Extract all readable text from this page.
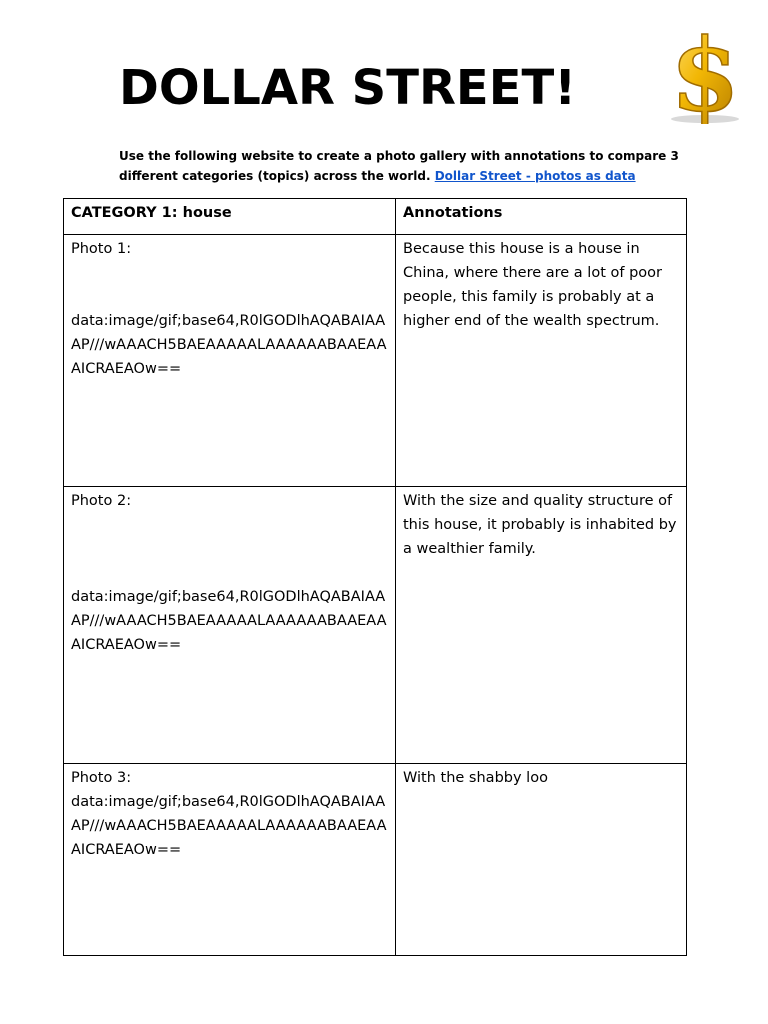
DOLLAR STREET! $
Use the following website to create a photo gallery with annotations to compare 3 different categories (topics) across the world. Dollar Street - photos as data
CATEGORY 1: house	Annotations

Photo 1:
data:image/gif;base64,R0lGODlhAQABAIAAAP///wAAACH5BAEAAAAALAAAAAABAAEAAAICRAEAOw==	Because this house is a house in China, where there are a lot of poor people, this family is probably at a higher end of the wealth spectrum.

Photo 2:
data:image/gif;base64,R0lGODlhAQABAIAAAP///wAAACH5BAEAAAAALAAAAAABAAEAAAICRAEAOw==	With the size and quality structure of this house, it probably is inhabited by a wealthier family.

Photo 3:
data:image/gif;base64,R0lGODlhAQABAIAAAP///wAAACH5BAEAAAAALAAAAAABAAEAAAICRAEAOw==	With the shabby loo
